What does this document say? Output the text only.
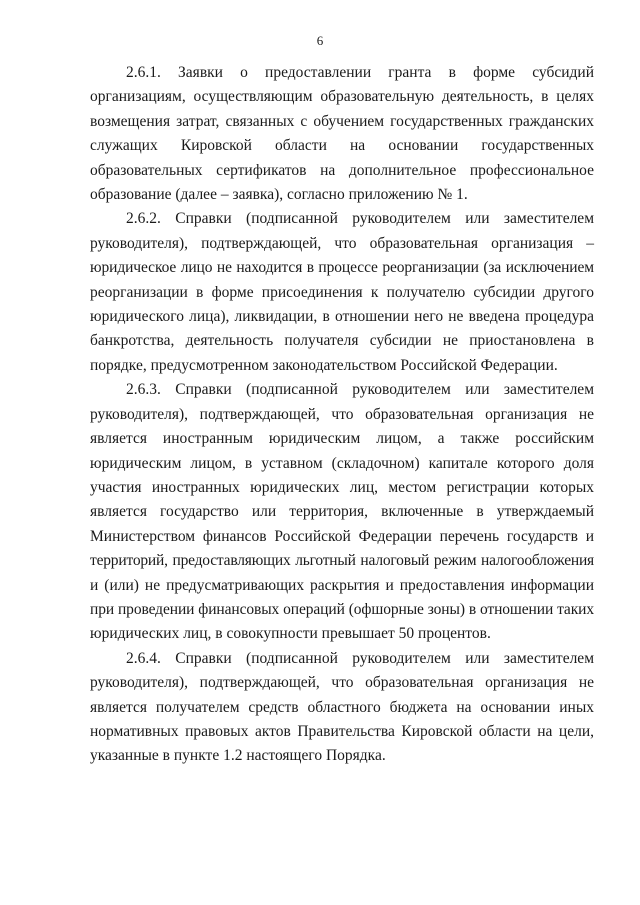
6

2.6.1. Заявки о предоставлении гранта в форме субсидий
организациям, осуществляющим образовательную деятельность, в целях
возмещения затрат, связанных с обучением государственных гражданских
служащих Кировской области на основании государственных
образовательных сертификатов на дополнительное профессиональное
образование (далее – заявка), согласно приложению № 1.

2.6.2. Справки (подписанной руководителем или заместителем
руководителя), подтверждающей, что образовательная организация –
юридическое лицо не находится в процессе реорганизации (за исключением
реорганизации в форме присоединения к получателю субсидии другого
юридического лица), ликвидации, в отношении него не введена процедура
банкротства, деятельность получателя субсидии не приостановлена в
порядке, предусмотренном законодательством Российской Федерации.

2.6.3. Справки (подписанной руководителем или заместителем
руководителя), подтверждающей, что образовательная организация не
является иностранным юридическим лицом, а также российским
юридическим лицом, в уставном (складочном) капитале которого доля
участия иностранных юридических лиц, местом регистрации которых
является государство или территория, включенные в утверждаемый
Министерством финансов Российской Федерации перечень государств и
территорий, предоставляющих льготный налоговый режим налогообложения
и (или) не предусматривающих раскрытия и предоставления информации
при проведении финансовых операций (офшорные зоны) в отношении таких
юридических лиц, в совокупности превышает 50 процентов.

2.6.4. Справки (подписанной руководителем или заместителем
руководителя), подтверждающей, что образовательная организация не
является получателем средств областного бюджета на основании иных
нормативных правовых актов Правительства Кировской области на цели,
указанные в пункте 1.2 настоящего Порядка.
